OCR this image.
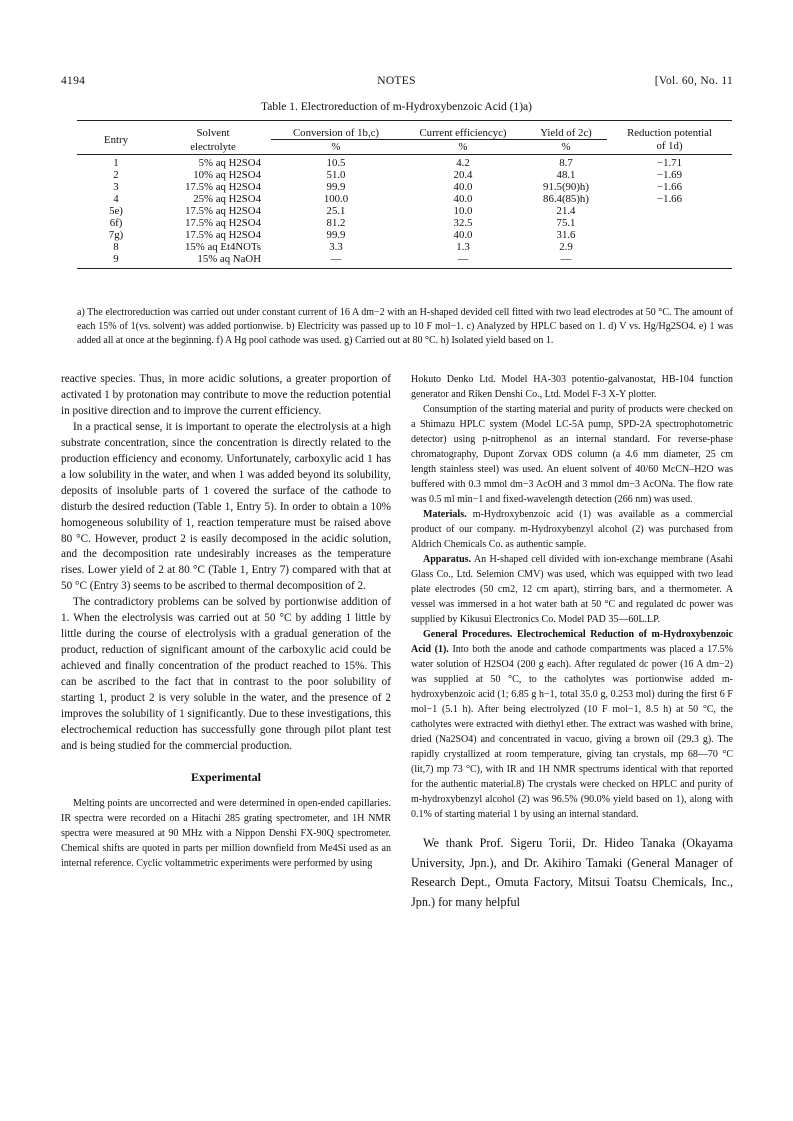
4194	NOTES	[Vol. 60, No. 11
Table 1. Electroreduction of m-Hydroxybenzoic Acid (1)a)
Entry	Solvent	Conversion of 1b,c)	Current efficiencyc)	Yield of 2c)	Reduction potential
	electrolyte	%	%	%	of 1d)
1	5% aq H2SO4	10.5	4.2	8.7	−1.71
2	10% aq H2SO4	51.0	20.4	48.1	−1.69
3	17.5% aq H2SO4	99.9	40.0	91.5(90)h)	−1.66
4	25% aq H2SO4	100.0	40.0	86.4(85)h)	−1.66
5e)	17.5% aq H2SO4	25.1	10.0	21.4	
6f)	17.5% aq H2SO4	81.2	32.5	75.1	
7g)	17.5% aq H2SO4	99.9	40.0	31.6	
8	15% aq Et4NOTs	3.3	1.3	2.9	
9	15% aq NaOH	—	—	—	
a) The electroreduction was carried out under constant current of 16 A dm−2 with an H-shaped devided cell fitted with two lead electrodes at 50 °C. The amount of each 15% of 1(vs. solvent) was added portionwise. b) Electricity was passed up to 10 F mol−1. c) Analyzed by HPLC based on 1. d) V vs. Hg/Hg2SO4. e) 1 was added all at once at the beginning. f) A Hg pool cathode was used. g) Carried out at 80 °C. h) Isolated yield based on 1.

reactive species. Thus, in more acidic solutions, a greater proportion of activated 1 by protonation may contribute to move the reduction potential in positive direction and to improve the current efficiency.

In a practical sense, it is important to operate the electrolysis at a high substrate concentration, since the concentration is directly related to the production efficiency and economy. Unfortunately, carboxylic acid 1 has a low solubility in the water, and when 1 was added beyond its solubility, deposits of insoluble parts of 1 covered the surface of the cathode to disturb the desired reduction (Table 1, Entry 5). In order to obtain a 10% homogeneous solubility of 1, reaction temperature must be raised above 80 °C. However, product 2 is easily decomposed in the acidic solution, and the decomposition rate undesirably increases as the temperature rises. Lower yield of 2 at 80 °C (Table 1, Entry 7) compared with that at 50 °C (Entry 3) seems to be ascribed to thermal decomposition of 2.

The contradictory problems can be solved by portionwise addition of 1. When the electrolysis was carried out at 50 °C by adding 1 little by little during the course of electrolysis with a gradual generation of the product, reduction of significant amount of the carboxylic acid could be achieved and finally concentration of the product reached to 15%. This can be ascribed to the fact that in contrast to the poor solubility of starting 1, product 2 is very soluble in the water, and the presence of 2 improves the solubility of 1 significantly. Due to these investigations, this electrochemical reduction has successfully gone through pilot plant test and is being studied for the commercial production.

Experimental

Melting points are uncorrected and were determined in open-ended capillaries. IR spectra were recorded on a Hitachi 285 grating spectrometer, and 1H NMR spectra were measured at 90 MHz with a Nippon Denshi FX-90Q spectrometer. Chemical shifts are quoted in parts per million downfield from Me4Si used as an internal reference. Cyclic voltammetric experiments were performed by using

Hokuto Denko Ltd. Model HA-303 potentio-galvanostat, HB-104 function generator and Riken Denshi Co., Ltd. Model F-3 X-Y plotter.

Consumption of the starting material and purity of products were checked on a Shimazu HPLC system (Model LC-5A pump, SPD-2A spectrophotometric detector) using p-nitrophenol as an internal standard. For reverse-phase chromatography, Dupont Zorvax ODS column (a 4.6 mm diameter, 25 cm length stainless steel) was used. An eluent solvent of 40/60 McCN–H2O was buffered with 0.3 mmol dm−3 AcOH and 3 mmol dm−3 AcONa. The flow rate was 0.5 ml min−1 and fixed-wavelength detection (266 nm) was used.

Materials. m-Hydroxybenzoic acid (1) was available as a commercial product of our company. m-Hydroxybenzyl alcohol (2) was purchased from Aldrich Chemicals Co. as authentic sample.

Apparatus. An H-shaped cell divided with ion-exchange membrane (Asahi Glass Co., Ltd. Selemion CMV) was used, which was equipped with two lead plate electrodes (50 cm2, 12 cm apart), stirring bars, and a thermometer. A vessel was immersed in a hot water bath at 50 °C and regulated dc power was supplied by Kikusui Electronics Co. Model PAD 35—60L.LP.

General Procedures. Electrochemical Reduction of m-Hydroxybenzoic Acid (1). Into both the anode and cathode compartments was placed a 17.5% water solution of H2SO4 (200 g each). After regulated dc power (16 A dm−2) was supplied at 50 °C, to the catholytes was portionwise added m-hydroxybenzoic acid (1; 6.85 g h−1, total 35.0 g, 0.253 mol) during the first 6 F mol−1 (5.1 h). After being electrolyzed (10 F mol−1, 8.5 h) at 50 °C, the catholytes were extracted with diethyl ether. The extract was washed with brine, dried (Na2SO4) and concentrated in vacuo, giving a brown oil (29.3 g). The rapidly crystallized at room temperature, giving tan crystals, mp 68—70 °C (lit,7) mp 73 °C), with IR and 1H NMR spectrums identical with that reported for the authentic material.8) The crystals were checked on HPLC and purity of m-hydroxybenzyl alcohol (2) was 96.5% (90.0% yield based on 1), along with 0.1% of starting material 1 by using an internal standard.

We thank Prof. Sigeru Torii, Dr. Hideo Tanaka (Okayama University, Jpn.), and Dr. Akihiro Tamaki (General Manager of Research Dept., Omuta Factory, Mitsui Toatsu Chemicals, Inc., Jpn.) for many helpful
